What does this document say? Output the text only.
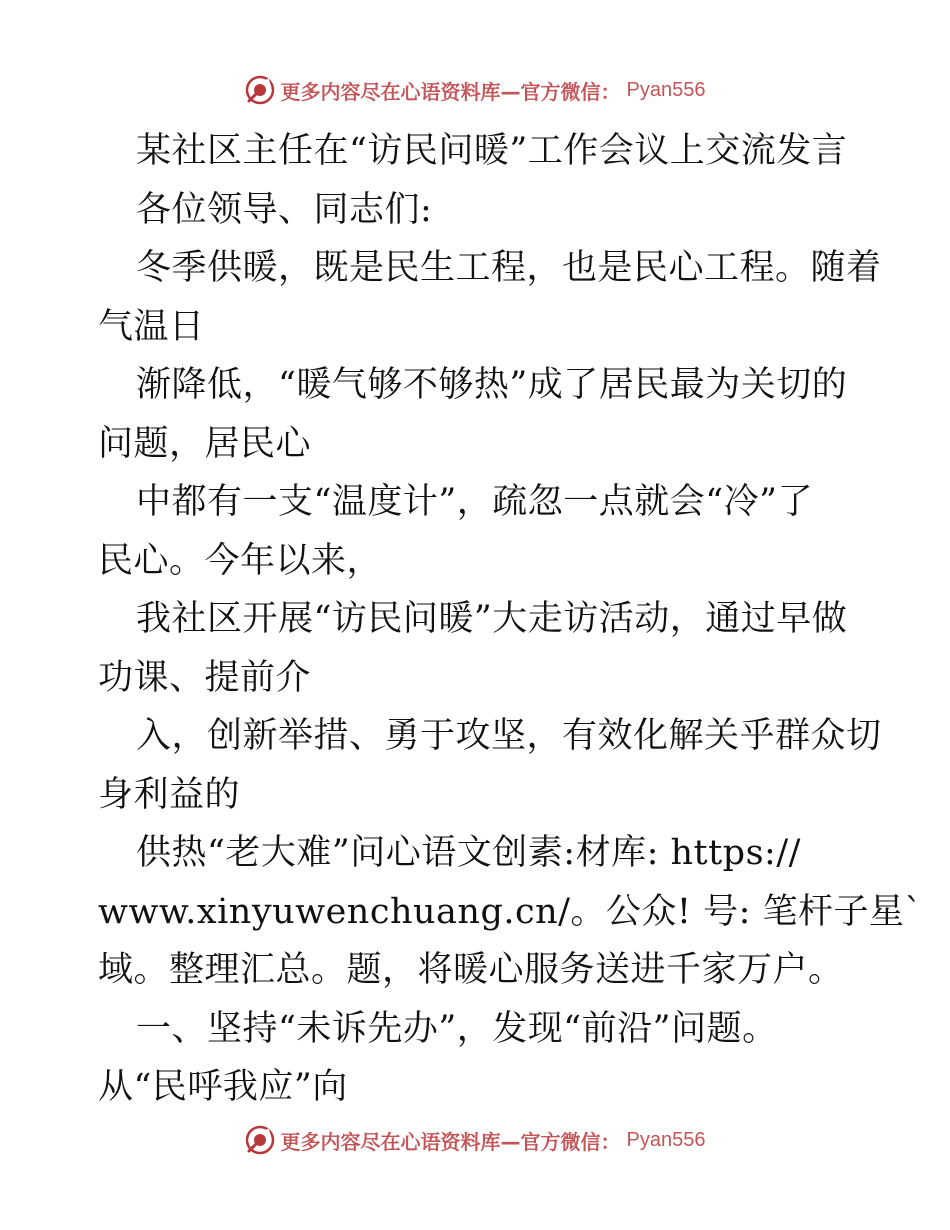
更多内容尽在心语资料库—官方微信： Pyan556
某社区主任在“访民问暖”工作会议上交流发言
各位领导、同志们:
冬季供暖，既是民生工程，也是民心工程。随着
气温日
渐降低，“暖气够不够热”成了居民最为关切的
问题，居民心
中都有一支“温度计”，疏忽一点就会“冷”了
民心。今年以来，
我社区开展“访民问暖”大走访活动，通过早做
功课、提前介
入，创新举措、勇于攻坚，有效化解关乎群众切
身利益的
供热“老大难”问心语文创素:材库: https://
www.xinyuwenchuang.cn/。公众! 号: 笔杆子星`
域。整理汇总。题，将暖心服务送进千家万户。
一、坚持“未诉先办”，发现“前沿”问题。
从“民呼我应”向
更多内容尽在心语资料库—官方微信： Pyan556
